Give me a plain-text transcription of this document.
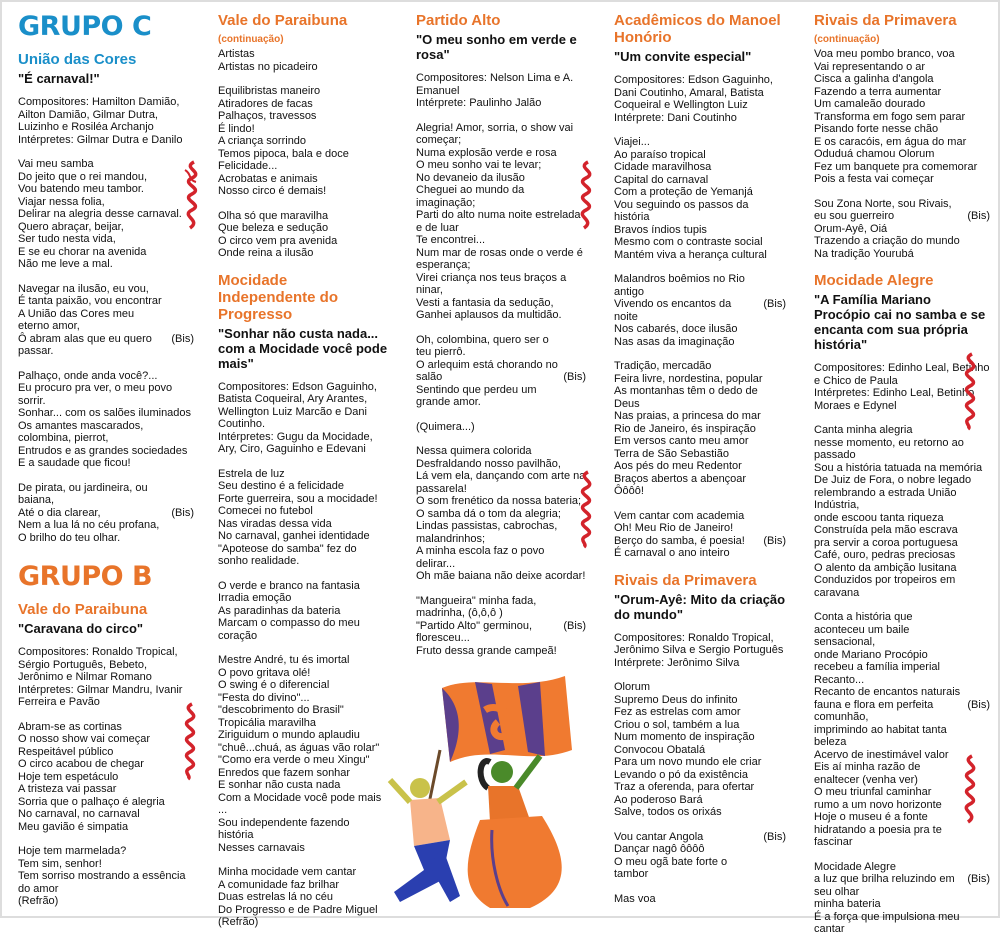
GRUPO C
União das Cores
"É carnaval!"
Compositores: Hamilton Damião, Ailton Damião, Gilmar Dutra, Luizinho e Rosiléa Archanjo
Intérpretes: Gilmar Dutra e Danilo
Vai meu samba
Do jeito que o rei mandou,
Vou batendo meu tambor.
Viajar nessa folia,
Delirar na alegria desse carnaval.
Quero abraçar, beijar,
Ser tudo nesta vida,
E se eu chorar na avenida
Não me leve a mal.
Navegar na ilusão, eu vou,
É tanta paixão, vou encontrar
A União das Cores meu eterno amor,
Ô abram alas que eu quero passar.
(Bis)
Palhaço, onde anda você?...
Eu procuro pra ver, o meu povo sorrir.
Sonhar... com os salões iluminados
Os amantes mascarados, colombina, pierrot,
Entrudos e as grandes sociedades
E a saudade que ficou!
De pirata, ou jardineira, ou baiana,
Até o dia clarear,
Nem a lua lá no céu profana,
O brilho do teu olhar.
(Bis)
GRUPO B
Vale do Paraibuna
"Caravana do circo"
Compositores: Ronaldo Tropical, Sérgio Português, Bebeto, Jerônimo e Nilmar Romano
Intérpretes: Gilmar Mandru, Ivanir Ferreira e Pavão
Abram-se as cortinas
O nosso show vai começar
Respeitável público
O circo acabou de chegar
Hoje tem espetáculo
A tristeza vai passar
Sorria que o palhaço é alegria
No carnaval, no carnaval
Meu gavião é simpatia
Hoje tem marmelada?
Tem sim, senhor!
Tem sorriso mostrando a essência do amor
(Refrão)
Vale do Paraibuna (continuação)
Artistas
Artistas no picadeiro
Equilibristas maneiro
Atiradores de facas
Palhaços, travessos
É lindo!
A criança sorrindo
Temos pipoca, bala e doce
Felicidade...
Acrobatas e animais
Nosso circo é demais!
Olha só que maravilha
Que beleza e sedução
O circo vem pra avenida
Onde reina a ilusão
Mocidade Independente do Progresso
"Sonhar não custa nada... com a Mocidade você pode mais"
Compositores: Edson Gaguinho, Batista Coqueiral, Ary Arantes, Wellington Luiz Marcão e Dani Coutinho.
Intérpretes: Gugu da Mocidade, Ary, Ciro, Gaguinho e Edevani
Estrela de luz
Seu destino é a felicidade
Forte guerreira, sou a mocidade!
Comecei no futebol
Nas viradas dessa vida
No carnaval, ganhei identidade
"Apoteose do samba" fez do sonho realidade.
O verde e branco na fantasia
Irradia emoção
As paradinhas da bateria
Marcam o compasso do meu coração
Mestre André, tu és imortal
O povo gritava olé!
O swing é o diferencial
"Festa do divino"...
"descobrimento do Brasil"
Tropicália maravilha
Ziriguidum o mundo aplaudiu
"chuê...chuá, as águas vão rolar"
"Como era verde o meu Xingu"
Enredos que fazem sonhar
E sonhar não custa nada
Com a Mocidade você pode mais ...
Sou independente fazendo história
Nesses carnavais
Minha mocidade vem cantar
A comunidade faz brilhar
Duas estrelas lá no céu
Do Progresso e de Padre Miguel
(Refrão)
Partido Alto
"O meu sonho em verde e rosa"
Compositores: Nelson Lima e A. Emanuel
Intérprete: Paulinho Jalão
Alegria! Amor, sorria, o show vai começar;
Numa explosão verde e rosa
O meu sonho vai te levar;
No devaneio da ilusão
Cheguei ao mundo da imaginação;
Parti do alto numa noite estrelada e de luar
Te encontrei...
Num mar de rosas onde o verde é esperança;
Virei criança nos teus braços a ninar,
Vesti a fantasia da sedução,
Ganhei aplausos da multidão.
Oh, colombina, quero ser o teu pierrô.
O arlequim está chorando no salão
Sentindo que perdeu um grande amor.
(Bis)
(Quimera...)
Nessa quimera colorida
Desfraldando nosso pavilhão,
Lá vem ela, dançando com arte na passarela!
O som frenético da nossa bateria;
O samba dá o tom da alegria;
Lindas passistas, cabrochas, malandrinhos;
A minha escola faz o povo delirar...
Oh mãe baiana não deixe acordar!
"Mangueira" minha fada, madrinha, (ô,ô,ô )
"Partido Alto" germinou, floresceu...
Fruto dessa grande campeã!
(Bis)
Acadêmicos do Manoel Honório
"Um convite especial"
Compositores: Edson Gaguinho, Dani Coutinho, Amaral, Batista Coqueiral e Wellington Luiz
Intérprete: Dani Coutinho
Viajei...
Ao paraíso tropical
Cidade maravilhosa
Capital do carnaval
Com a proteção de Yemanjá
Vou seguindo os passos da história
Bravos índios tupis
Mesmo com o contraste social
Mantém viva a herança cultural
Malandros boêmios no Rio antigo
Vivendo os encantos da noite
Nos cabarés, doce ilusão
Nas asas da imaginação
(Bis)
Tradição, mercadão
Feira livre, nordestina, popular
As montanhas têm o dedo de Deus
Nas praias, a princesa do mar
Rio de Janeiro, és inspiração
Em versos canto meu amor
Terra de São Sebastião
Aos pés do meu Redentor
Braços abertos a abençoar
Ôôôô!
Vem cantar com academia
Oh! Meu Rio de Janeiro!
Berço do samba, é poesia!
É carnaval o ano inteiro
(Bis)
Rivais da Primavera
"Orum-Ayê: Mito da criação do mundo"
Compositores: Ronaldo Tropical, Jerônimo Silva e Sergio Português
Intérprete: Jerônimo Silva
Olorum
Supremo Deus do infinito
Fez as estrelas com amor
Criou o sol, também a lua
Num momento de inspiração
Convocou Obatalá
Para um novo mundo ele criar
Levando o pó da existência
Traz a oferenda, para ofertar
Ao poderoso Bará
Salve, todos os orixás
Vou cantar Angola
Dançar nagô ôôôô
O meu ogã bate forte o tambor
(Bis)
Mas voa
Rivais da Primavera (continuação)
Voa meu pombo branco, voa
Vai representando o ar
Cisca a galinha d'angola
Fazendo a terra aumentar
Um camaleão dourado
Transforma em fogo sem parar
Pisando forte nesse chão
E os caracóis, em água do mar
Oduduá chamou Olorum
Fez um banquete pra comemorar
Pois a festa vai começar
Sou Zona Norte, sou Rivais, eu sou guerreiro
Orum-Ayê, Oiá
Trazendo a criação do mundo
Na tradição Yourubá
(Bis)
Mocidade Alegre
"A Família Mariano Procópio cai no samba e se encanta com sua própria história"
Compositores: Edinho Leal, Betinho e Chico de Paula
Intérpretes: Edinho Leal, Betinho Moraes e Edynel
Canta minha alegria
nesse momento, eu retorno ao passado
Sou a história tatuada na memória
De Juiz de Fora, o nobre legado
relembrando a estrada União Indústria,
onde escoou tanta riqueza
Construída pela mão escrava
pra servir a coroa portuguesa
Café, ouro, pedras preciosas
O alento da ambição lusitana
Conduzidos por tropeiros em caravana
Conta a história que aconteceu um baile sensacional,
onde Mariano Procópio
recebeu a família imperial
Recanto...
Recanto de encantos naturais
fauna e flora em perfeita comunhão,
imprimindo ao habitat tanta beleza
Acervo de inestimável valor
Eis aí minha razão de enaltecer (venha ver)
O meu triunfal caminhar
rumo a um novo horizonte
Hoje o museu é a fonte
hidratando a poesia pra te fascinar
(Bis)
Mocidade Alegre
a luz que brilha reluzindo em seu olhar
minha bateria
É a força que impulsiona meu cantar
(Bis)
